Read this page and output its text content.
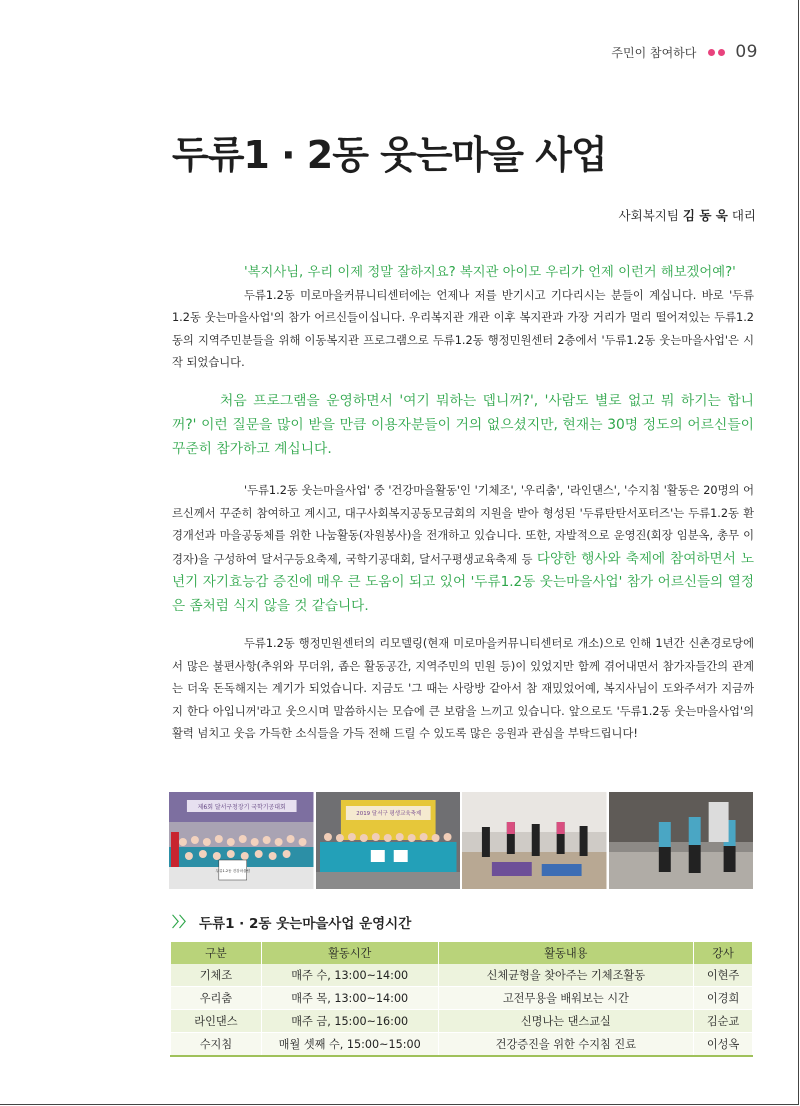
주민이 참여하다 09
두류1 · 2동 웃는마을 사업
사회복지팀 김 동 욱 대리

'복지사님, 우리 이제 정말 잘하지요? 복지관 아이모 우리가 언제 이런거 해보겠어예?'

두류1.2동 미로마을커뮤니티센터에는 언제나 저를 반기시고 기다리시는 분들이 계십니다. 바로 '두류1.2동 웃는마을사업'의 참가 어르신들이십니다. 우리복지관 개관 이후 복지관과 가장 거리가 멀리 떨어져있는 두류1.2동의 지역주민분들을 위해 이동복지관 프로그램으로 두류1.2동 행정민원센터 2층에서 '두류1.2동 웃는마을사업'은 시작 되었습니다.

처음 프로그램을 운영하면서 '여기 뭐하는 뎁니꺼?', '사람도 별로 없고 뭐 하기는 합니꺼?' 이런 질문을 많이 받을 만큼 이용자분들이 거의 없으셨지만, 현재는 30명 정도의 어르신들이 꾸준히 참가하고 계십니다.

'두류1.2동 웃는마을사업' 중 '건강마을활동'인 '기체조', '우리춤', '라인댄스', '수지침 '활동은 20명의 어르신께서 꾸준히 참여하고 계시고, 대구사회복지공동모금회의 지원을 받아 형성된 '두류탄탄서포터즈'는 두류1.2동 환경개선과 마을공동체를 위한 나눔활동(자원봉사)을 전개하고 있습니다. 또한, 자발적으로 운영진(회장 임분옥, 총무 이경자)을 구성하여 달서구등요축제, 국학기공대회, 달서구평생교육축제 등 다양한 행사와 축제에 참여하면서 노년기 자기효능감 증진에 매우 큰 도움이 되고 있어 '두류1.2동 웃는마을사업' 참가 어르신들의 열정은 좀처럼 식지 않을 것 같습니다.

두류1.2동 행정민원센터의 리모델링(현재 미로마을커뮤니티센터로 개소)으로 인해 1년간 신촌경로당에서 많은 불편사항(추위와 무더위, 좁은 활동공간, 지역주민의 민원 등)이 있었지만 함께 겪어내면서 참가자들간의 관계는 더욱 돈독해지는 계기가 되었습니다. 지금도 '그 때는 사랑방 같아서 참 재밌었어예, 복지사님이 도와주셔가 지금까지 한다 아입니꺼'라고 웃으시며 말씀하시는 모습에 큰 보람을 느끼고 있습니다. 앞으로도 '두류1.2동 웃는마을사업'의 활력 넘치고 웃음 가득한 소식들을 가득 전해 드릴 수 있도록 많은 응원과 관심을 부탁드립니다!

제6회 달서구청장기 국학기공대회
두류1.2동 건강마을팀
2019 달서구 평생교육축제
〉〉 두류1 · 2동 웃는마을사업 운영시간
구분	활동시간	활동내용	강사
기체조	매주 수, 13:00~14:00	신체균형을 찾아주는 기체조활동	이현주
우리춤	매주 목, 13:00~14:00	고전무용을 배워보는 시간	이경희
라인댄스	매주 금, 15:00~16:00	신명나는 댄스교실	김순교
수지침	매월 셋째 수, 15:00~15:00	건강증진을 위한 수지침 진료	이성옥
